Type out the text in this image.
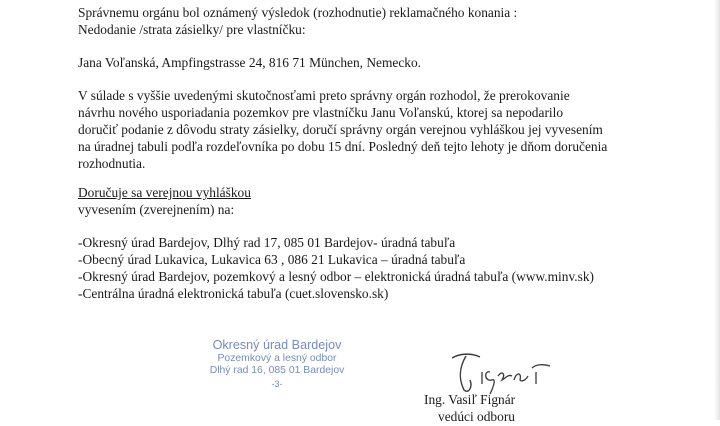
Správnemu orgánu bol oznámený výsledok (rozhodnutie) reklamačného konania :
Nedodanie /strata zásielky/ pre vlastníčku:
Jana Voľanská, Ampfingstrasse 24, 816 71 München, Nemecko.
V súlade s vyššie uvedenými skutočnosťami preto správny orgán rozhodol, že prerokovanie
návrhu nového usporiadania pozemkov pre vlastníčku Janu Voľanskú, ktorej sa nepodarilo
doručiť podanie z dôvodu straty zásielky, doručí správny orgán verejnou vyhláškou jej vyvesením
na úradnej tabuli podľa rozdeľovníka po dobu 15 dní. Posledný deň tejto lehoty je dňom doručenia
rozhodnutia.
Doručuje sa verejnou vyhláškou
vyvesením (zverejnením) na:
-Okresný úrad Bardejov, Dlhý rad 17, 085 01 Bardejov- úradná tabuľa
-Obecný úrad Lukavica, Lukavica 63 , 086 21 Lukavica – úradná tabuľa
-Okresný úrad Bardejov, pozemkový a lesný odbor – elektronická úradná tabuľa (www.minv.sk)
-Centrálna úradná elektronická tabuľa (cuet.slovensko.sk)
Okresný úrad Bardejov
Pozemkový a lesný odbor
Dlhý rad 16, 085 01 Bardejov
-3-
Ing. Vasiľ Fignár
vedúci odboru
